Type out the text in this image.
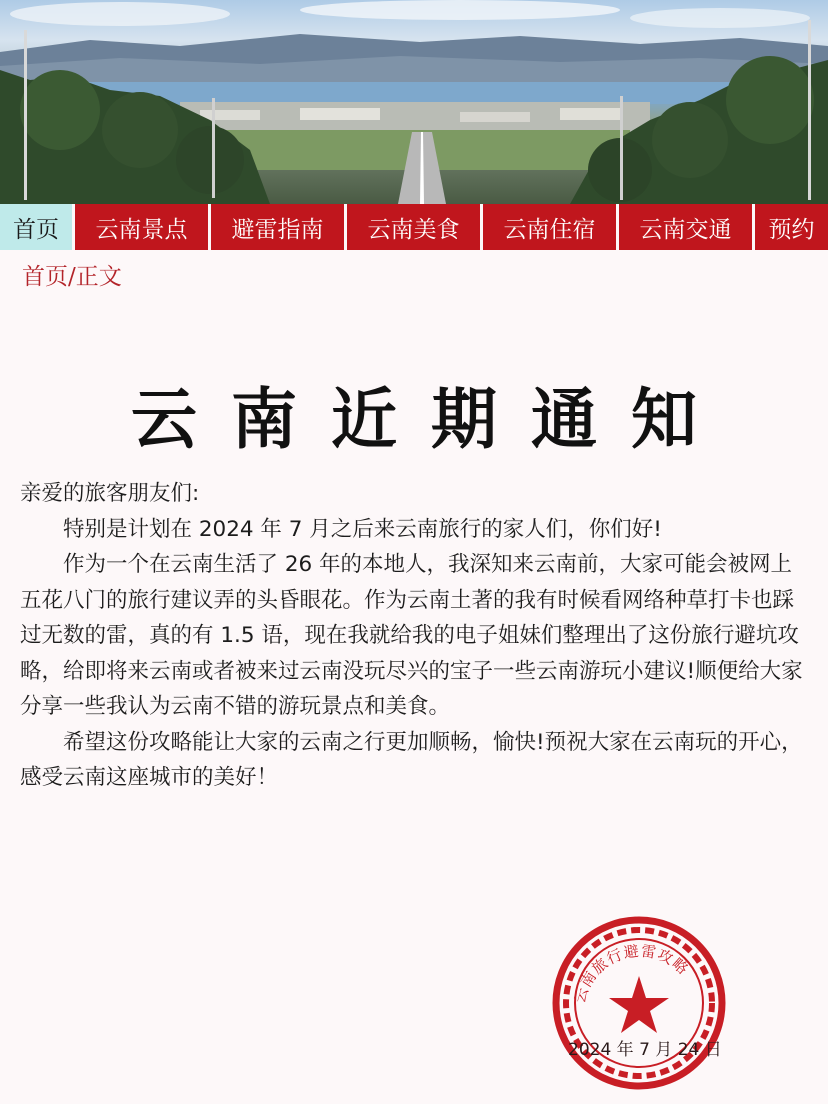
首页	云南景点	避雷指南	云南美食	云南住宿	云南交通	预约
首页/正文
云南近期通知

亲爱的旅客朋友们:

特别是计划在 2024 年 7 月之后来云南旅行的家人们，你们好!

作为一个在云南生活了 26 年的本地人，我深知来云南前，大家可能会被网上五花八门的旅行建议弄的头昏眼花。作为云南土著的我有时候看网络种草打卡也踩过无数的雷，真的有 1.5 语，现在我就给我的电子姐妹们整理出了这份旅行避坑攻略，给即将来云南或者被来过云南没玩尽兴的宝子一些云南游玩小建议!顺便给大家分享一些我认为云南不错的游玩景点和美食。

希望这份攻略能让大家的云南之行更加顺畅，愉快!预祝大家在云南玩的开心，感受云南这座城市的美好！

云南旅行避雷攻略
2024 年 7 月 24 日
